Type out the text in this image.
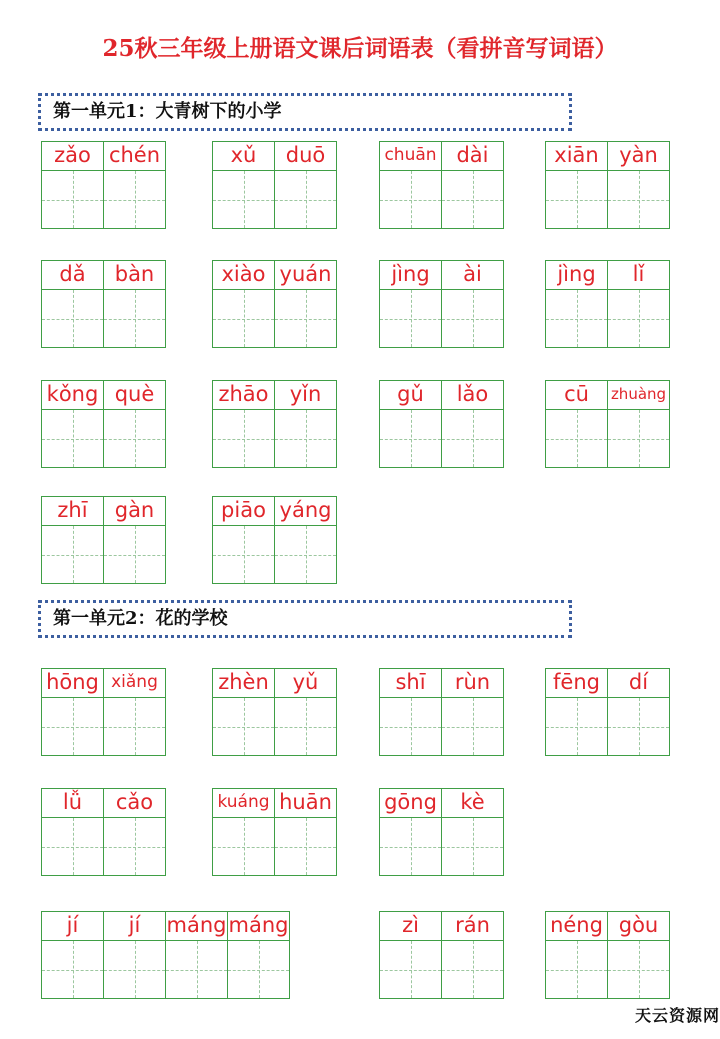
25秋三年级上册语文课后词语表（看拼音写词语）
第一单元1：大青树下的小学
第一单元2：花的学校
zǎo chén	xǔ	duō	chuān dài	xiān yàn
dǎ	bàn	xiào yuán	jìng	ài	jìng	lǐ
kǒng què	zhāo	yǐn	gǔ	lǎo	cū	zhuàng
zhī	gàn	piāo yáng
hōng xiǎng	zhèn	yǔ	shī	rùn	fēng	dí
lǚ	cǎo	kuáng huān gōng	kè
jí	jí	máng máng	zì	rán	néng gòu
天云资源网
